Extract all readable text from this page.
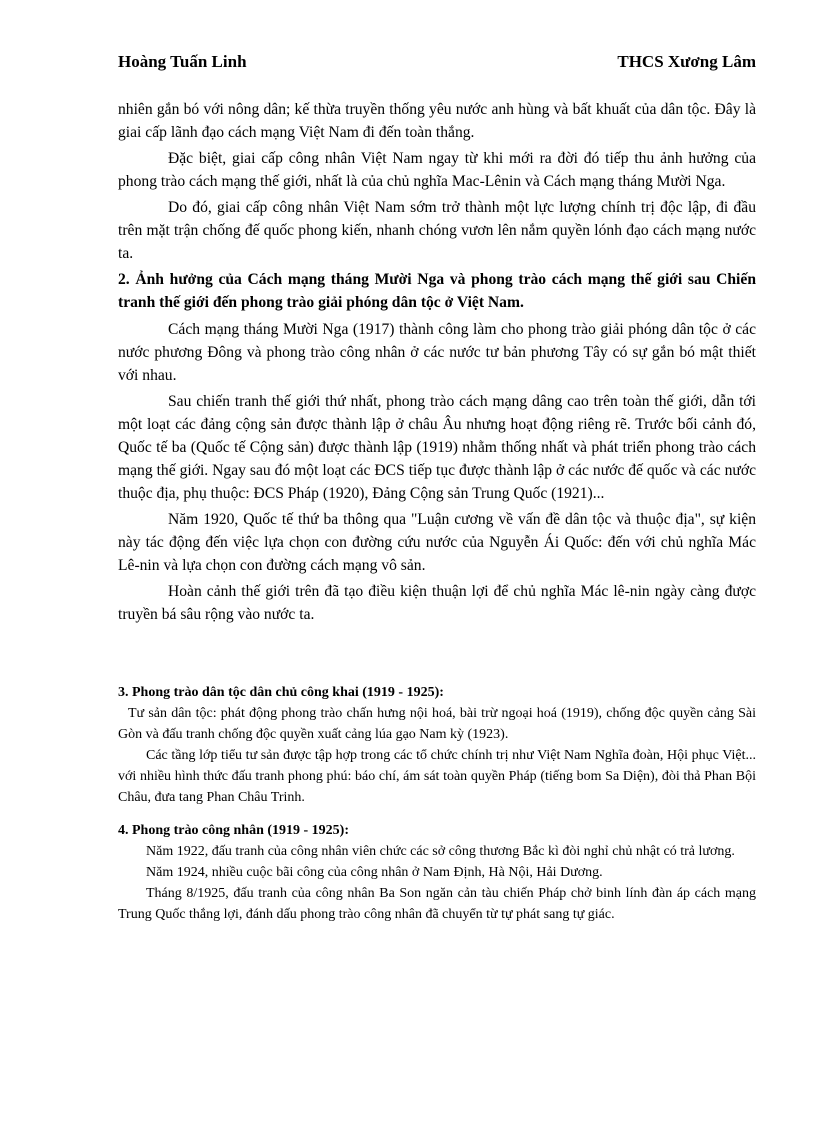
Hoàng Tuấn Linh	THCS Xương Lâm

nhiên gắn bó với nông dân; kế thừa truyền thống yêu nước anh hùng và bất khuất của dân tộc. Đây là giai cấp lãnh đạo cách mạng Việt Nam đi đến toàn thắng.

Đặc biệt, giai cấp công nhân Việt Nam ngay từ khi mới ra đời đó tiếp thu ảnh hưởng của phong trào cách mạng thế giới, nhất là của chủ nghĩa Mac-Lênin và Cách mạng tháng Mười Nga.

Do đó, giai cấp công nhân Việt Nam sớm trở thành một lực lượng chính trị độc lập, đi đầu trên mặt trận chống đế quốc phong kiến, nhanh chóng vươn lên nắm quyền lónh đạo cách mạng nước ta.

2. Ảnh hưởng của Cách mạng tháng Mười Nga và phong trào cách mạng thế giới sau Chiến tranh thế giới đến phong trào giải phóng dân tộc ở Việt Nam.

Cách mạng tháng Mười Nga (1917) thành công làm cho phong trào giải phóng dân tộc ở các nước phương Đông và phong trào công nhân ở các nước tư bản phương Tây có sự gắn bó mật thiết với nhau.

Sau chiến tranh thế giới thứ nhất, phong trào cách mạng dâng cao trên toàn thế giới, dẫn tới một loạt các đảng cộng sản được thành lập ở châu Âu nhưng hoạt động riêng rẽ. Trước bối cảnh đó, Quốc tế ba (Quốc tế Cộng sản) được thành lập (1919) nhằm thống nhất và phát triển phong trào cách mạng thế giới. Ngay sau đó một loạt các ĐCS tiếp tục được thành lập ở các nước đế quốc và các nước thuộc địa, phụ thuộc: ĐCS Pháp (1920), Đảng Cộng sản Trung Quốc (1921)...

Năm 1920, Quốc tế thứ ba thông qua "Luận cương về vấn đề dân tộc và thuộc địa", sự kiện này tác động đến việc lựa chọn con đường cứu nước của Nguyễn Ái Quốc: đến với chủ nghĩa Mác Lê-nin và lựa chọn con đường cách mạng vô sản.

Hoàn cảnh thế giới trên đã tạo điều kiện thuận lợi để chủ nghĩa Mác lê-nin ngày càng được truyền bá sâu rộng vào nước ta.

3. Phong trào dân tộc dân chủ công khai (1919 - 1925):

Tư sản dân tộc: phát động phong trào chấn hưng nội hoá, bài trừ ngoại hoá (1919), chống độc quyền cảng Sài Gòn và đấu tranh chống độc quyền xuất cảng lúa gạo Nam kỳ (1923).

Các tầng lớp tiểu tư sản được tập hợp trong các tổ chức chính trị như Việt Nam Nghĩa đoàn, Hội phục Việt... với nhiều hình thức đấu tranh phong phú: báo chí, ám sát toàn quyền Pháp (tiếng bom Sa Diện), đòi thả Phan Bội Châu, đưa tang Phan Châu Trinh.

4. Phong trào công nhân (1919 - 1925):

Năm 1922, đấu tranh của công nhân viên chức các sở công thương Bắc kì đòi nghỉ chủ nhật có trả lương.

Năm 1924, nhiều cuộc bãi công của công nhân ở Nam Định, Hà Nội, Hải Dương.

Tháng 8/1925, đấu tranh của công nhân Ba Son ngăn cản tàu chiến Pháp chở binh lính đàn áp cách mạng Trung Quốc thắng lợi, đánh dấu phong trào công nhân đã chuyển từ tự phát sang tự giác.
